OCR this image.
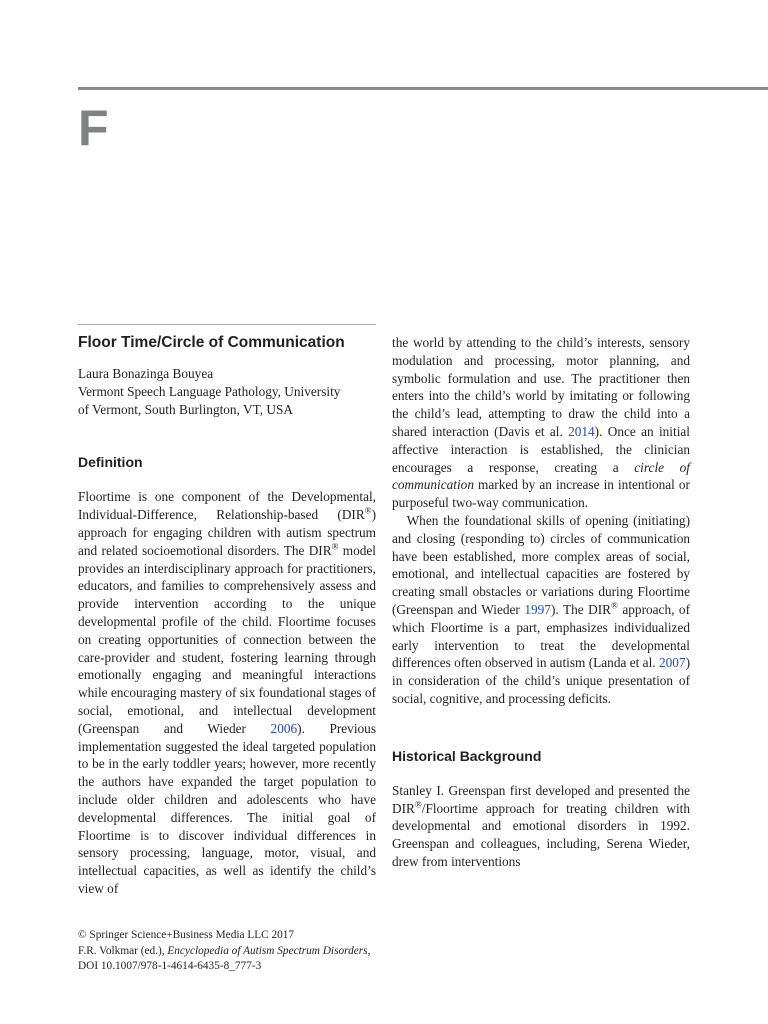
F
Floor Time/Circle of Communication

Laura Bonazinga Bouyea

Vermont Speech Language Pathology, University

of Vermont, South Burlington, VT, USA

Definition

Floortime is one component of the Developmental, Individual-Difference, Relationship-based (DIR®) approach for engaging children with autism spectrum and related socioemotional disorders. The DIR® model provides an interdisciplinary approach for practitioners, educators, and families to comprehensively assess and provide intervention according to the unique developmental profile of the child. Floortime focuses on creating opportunities of connection between the care-provider and student, fostering learning through emotionally engaging and meaningful interactions while encouraging mastery of six foundational stages of social, emotional, and intellectual development (Greenspan and Wieder 2006). Previous implementation suggested the ideal targeted population to be in the early toddler years; however, more recently the authors have expanded the target population to include older children and adolescents who have developmental differences. The initial goal of Floortime is to discover individual differences in sensory processing, language, motor, visual, and intellectual capacities, as well as identify the child’s view of

the world by attending to the child’s interests, sensory modulation and processing, motor planning, and symbolic formulation and use. The practitioner then enters into the child’s world by imitating or following the child’s lead, attempting to draw the child into a shared interaction (Davis et al. 2014). Once an initial affective interaction is established, the clinician encourages a response, creating a circle of communication marked by an increase in intentional or purposeful two-way communication.

When the foundational skills of opening (initiating) and closing (responding to) circles of communication have been established, more complex areas of social, emotional, and intellectual capacities are fostered by creating small obstacles or variations during Floortime (Greenspan and Wieder 1997). The DIR® approach, of which Floortime is a part, emphasizes individualized early intervention to treat the developmental differences often observed in autism (Landa et al. 2007) in consideration of the child’s unique presentation of social, cognitive, and processing deficits.

Historical Background

Stanley I. Greenspan first developed and presented the DIR®/Floortime approach for treating children with developmental and emotional disorders in 1992. Greenspan and colleagues, including, Serena Wieder, drew from interventions

© Springer Science+Business Media LLC 2017

F.R. Volkmar (ed.), Encyclopedia of Autism Spectrum Disorders,

DOI 10.1007/978-1-4614-6435-8_777-3
